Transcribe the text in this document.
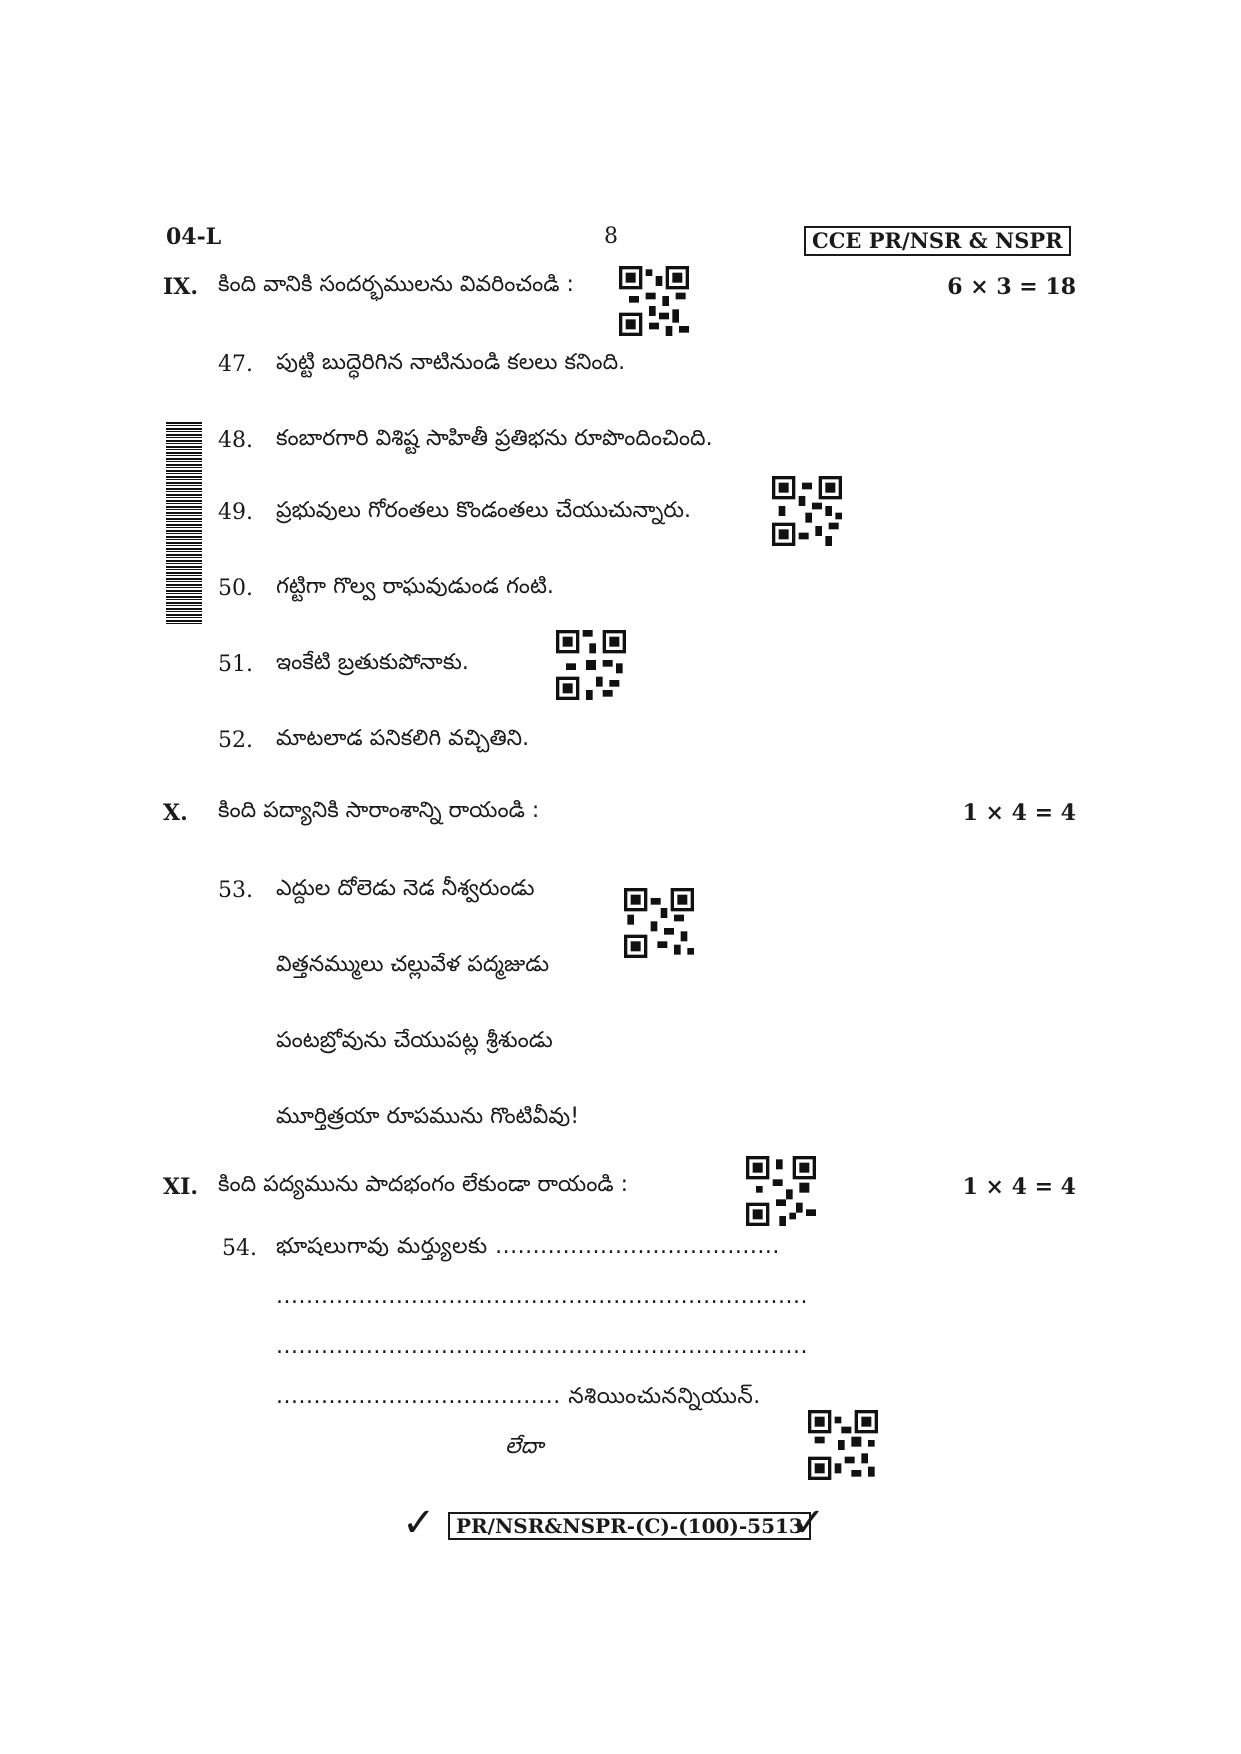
04-L	8	CCE PR/NSR & NSPR
IX. కింది వానికి సందర్భములను వివరించండి :	6 × 3 = 18
47. పుట్టి బుద్ధెరిగిన నాటినుండి కలలు కనింది.
48. కంబారగారి విశిష్ట సాహితీ ప్రతిభను రూపొందించింది.
49. ప్రభువులు గోరంతలు కొండంతలు చేయుచున్నారు.
50. గట్టిగా గొల్వ రాఘవుడుండ గంటి.
51. ఇంకేటి బ్రతుకుపోనాకు.
52. మాటలాడ పనికలిగి వచ్చితిని.
X. కింది పద్యానికి సారాంశాన్ని రాయండి :	1 × 4 = 4
53. ఎద్దుల దోలెడు నెడ నీశ్వరుండు
విత్తనమ్ములు చల్లువేళ పద్మజుడు
పంటబ్రోవును చేయుపట్ల శ్రీశుండు
మూర్తిత్రయా రూపమును గొంటివీవు!
XI. కింది పద్యమును పాదభంగం లేకుండా రాయండి :	1 × 4 = 4
54. భూషలుగావు మర్త్యులకు ......................................
.......................................................................
.......................................................................
...................................... నశియించునన్నియున్.
లేదా
✓	PR/NSR&NSPR-(C)-(100)-5513
✓
